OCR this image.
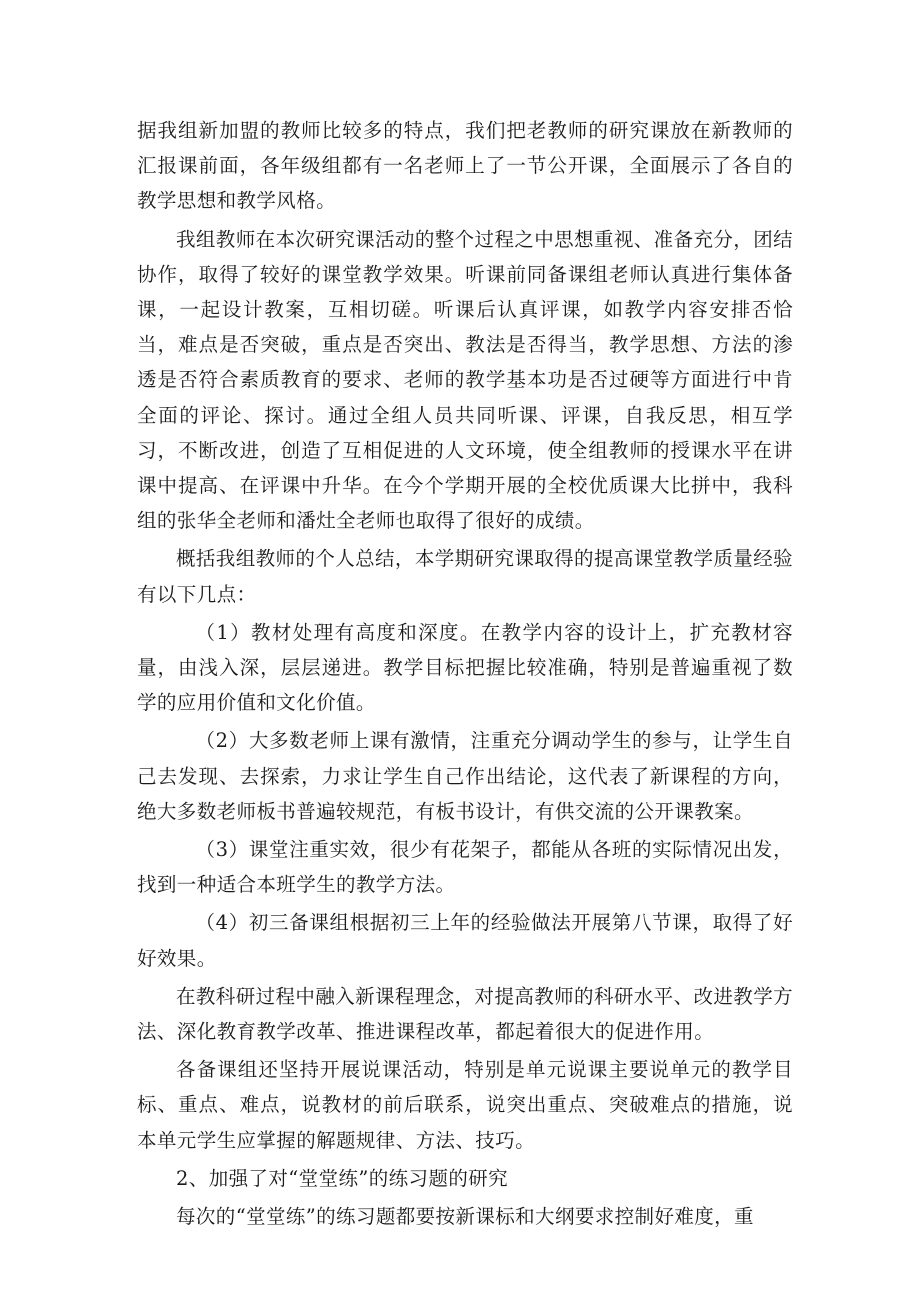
据我组新加盟的教师比较多的特点，我们把老教师的研究课放在新教师的汇报课前面，各年级组都有一名老师上了一节公开课，全面展示了各自的教学思想和教学风格。

我组教师在本次研究课活动的整个过程之中思想重视、准备充分，团结协作，取得了较好的课堂教学效果。听课前同备课组老师认真进行集体备课，一起设计教案，互相切磋。听课后认真评课，如教学内容安排否恰当，难点是否突破，重点是否突出、教法是否得当，教学思想、方法的渗透是否符合素质教育的要求、老师的教学基本功是否过硬等方面进行中肯全面的评论、探讨。通过全组人员共同听课、评课，自我反思，相互学习，不断改进，创造了互相促进的人文环境，使全组教师的授课水平在讲课中提高、在评课中升华。在今个学期开展的全校优质课大比拼中，我科组的张华全老师和潘灶全老师也取得了很好的成绩。

概括我组教师的个人总结，本学期研究课取得的提高课堂教学质量经验有以下几点：

（1）教材处理有高度和深度。在教学内容的设计上，扩充教材容量，由浅入深，层层递进。教学目标把握比较准确，特别是普遍重视了数学的应用价值和文化价值。

（2）大多数老师上课有激情，注重充分调动学生的参与，让学生自己去发现、去探索，力求让学生自己作出结论，这代表了新课程的方向，绝大多数老师板书普遍较规范，有板书设计，有供交流的公开课教案。

（3）课堂注重实效，很少有花架子，都能从各班的实际情况出发，找到一种适合本班学生的教学方法。

（4）初三备课组根据初三上年的经验做法开展第八节课，取得了好好效果。

在教科研过程中融入新课程理念，对提高教师的科研水平、改进教学方法、深化教育教学改革、推进课程改革，都起着很大的促进作用。

各备课组还坚持开展说课活动，特别是单元说课主要说单元的教学目标、重点、难点，说教材的前后联系，说突出重点、突破难点的措施，说本单元学生应掌握的解题规律、方法、技巧。

2、加强了对“堂堂练”的练习题的研究

每次的“堂堂练”的练习题都要按新课标和大纲要求控制好难度，重
